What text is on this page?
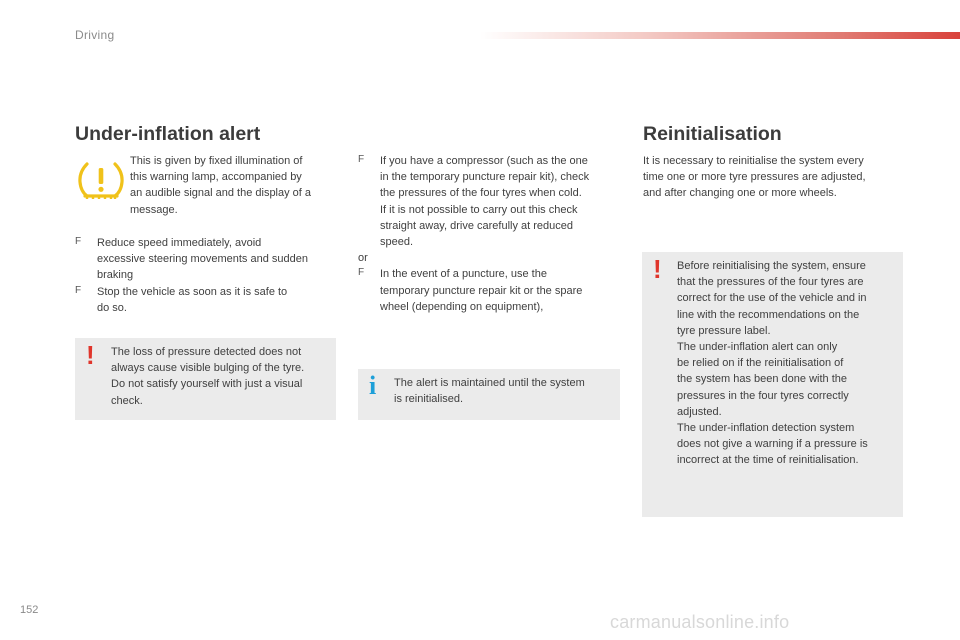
Driving
Under-inflation alert

This is given by fixed illumination of

this warning lamp, accompanied by

an audible signal and the display of a

message.

F	Reduce speed immediately, avoid

excessive steering movements and sudden

braking

F	Stop the vehicle as soon as it is safe to

do so.

! The loss of pressure detected does not

always cause visible bulging of the tyre.

Do not satisfy yourself with just a visual

check.

F	If you have a compressor (such as the one

in the temporary puncture repair kit), check

the pressures of the four tyres when cold.

If it is not possible to carry out this check

straight away, drive carefully at reduced

speed.

or

F	In the event of a puncture, use the

temporary puncture repair kit or the spare

wheel (depending on equipment),

i The alert is maintained until the system

is reinitialised.

Reinitialisation

It is necessary to reinitialise the system every

time one or more tyre pressures are adjusted,

and after changing one or more wheels.

! Before reinitialising the system, ensure

that the pressures of the four tyres are

correct for the use of the vehicle and in

line with the recommendations on the

tyre pressure label.

The under-inflation alert can only

be relied on if the reinitialisation of

the system has been done with the

pressures in the four tyres correctly

adjusted.

The under-inflation detection system

does not give a warning if a pressure is

incorrect at the time of reinitialisation.

152
carmanualsonline.info
